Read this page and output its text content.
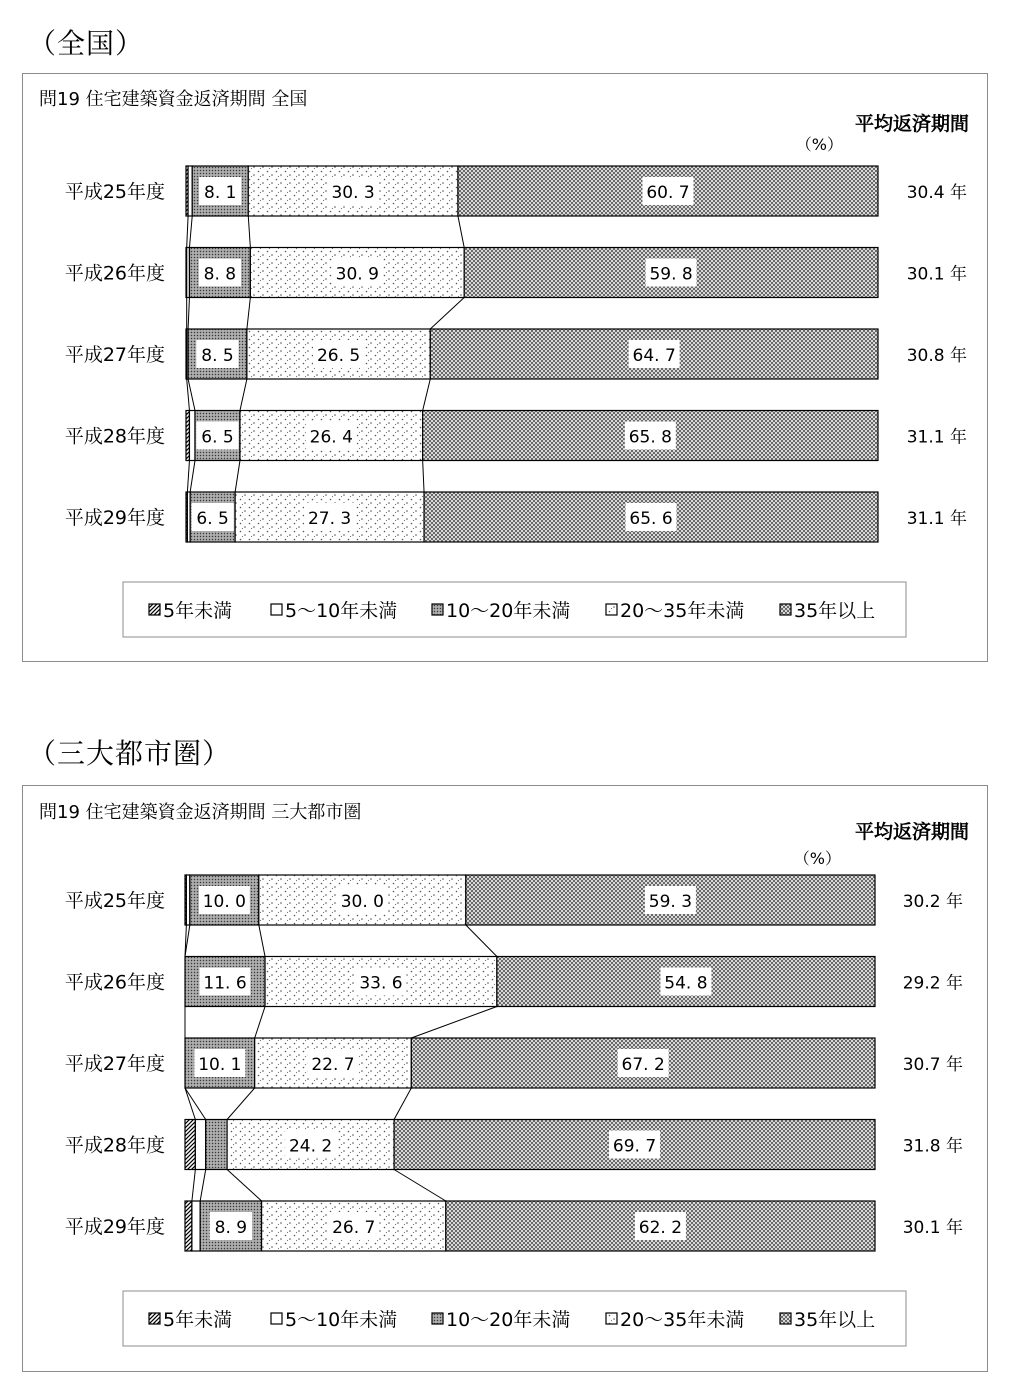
（全国）
問19 住宅建築資金返済期間 全国
平均返済期間
（%）
平成25年度 8. 1	30. 3	60. 7	30.4 年
平成26年度 8. 8	30. 9	59. 8	30.1 年
平成27年度 8. 5	26. 5	64. 7	30.8 年
平成28年度 6. 5	26. 4	65. 8	31.1 年
平成29年度 6. 5	27. 3	65. 6	31.1 年
5年未満	5～10年未満	10～20年未満	20～35年未満	35年以上
（三大都市圏）
問19 住宅建築資金返済期間 三大都市圏
平均返済期間
（%）
平成25年度 10. 0	30. 0	59. 3	30.2 年
平成26年度 11. 6	33. 6	54. 8	29.2 年
平成27年度 10. 1	22. 7	67. 2	30.7 年
平成28年度	24. 2	69. 7	31.8 年
平成29年度	8. 9	26. 7	62. 2	30.1 年
5年未満	5～10年未満	10～20年未満	20～35年未満	35年以上
